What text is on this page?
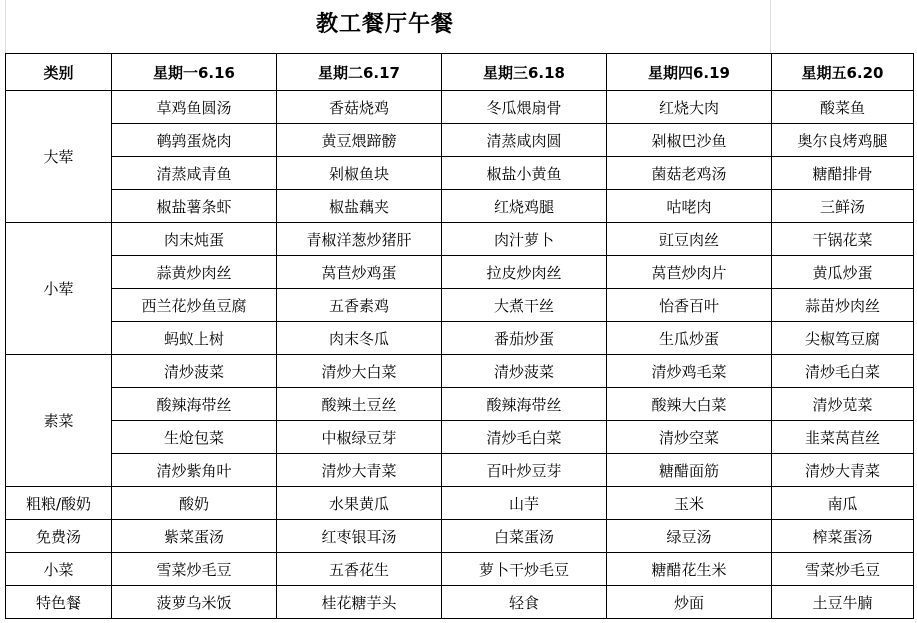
教工餐厅午餐
类别	星期一6.16	星期二6.17	星期三6.18	星期四6.19	星期五6.20
大荤	草鸡鱼圆汤	香菇烧鸡	冬瓜煨扇骨	红烧大肉	酸菜鱼
	鹌鹑蛋烧肉	黄豆煨蹄髈	清蒸咸肉圆	剁椒巴沙鱼	奥尔良烤鸡腿
	清蒸咸青鱼	剁椒鱼块	椒盐小黄鱼	菌菇老鸡汤	糖醋排骨
	椒盐薯条虾	椒盐藕夹	红烧鸡腿	咕咾肉	三鲜汤
小荤	肉末炖蛋	青椒洋葱炒猪肝	肉汁萝卜	豇豆肉丝	干锅花菜
	蒜黄炒肉丝	莴苣炒鸡蛋	拉皮炒肉丝	莴苣炒肉片	黄瓜炒蛋
	西兰花炒鱼豆腐	五香素鸡	大煮干丝	怡香百叶	蒜苗炒肉丝
	蚂蚁上树	肉末冬瓜	番茄炒蛋	生瓜炒蛋	尖椒笃豆腐
素菜	清炒菠菜	清炒大白菜	清炒菠菜	清炒鸡毛菜	清炒毛白菜
	酸辣海带丝	酸辣土豆丝	酸辣海带丝	酸辣大白菜	清炒苋菜
	生炝包菜	中椒绿豆芽	清炒毛白菜	清炒空菜	韭菜莴苣丝
	清炒紫角叶	清炒大青菜	百叶炒豆芽	糖醋面筋	清炒大青菜
粗粮/酸奶	酸奶	水果黄瓜	山芋	玉米	南瓜
免费汤	紫菜蛋汤	红枣银耳汤	白菜蛋汤	绿豆汤	榨菜蛋汤
小菜	雪菜炒毛豆	五香花生	萝卜干炒毛豆	糖醋花生米	雪菜炒毛豆
特色餐	菠萝乌米饭	桂花糖芋头	轻食	炒面	土豆牛腩
